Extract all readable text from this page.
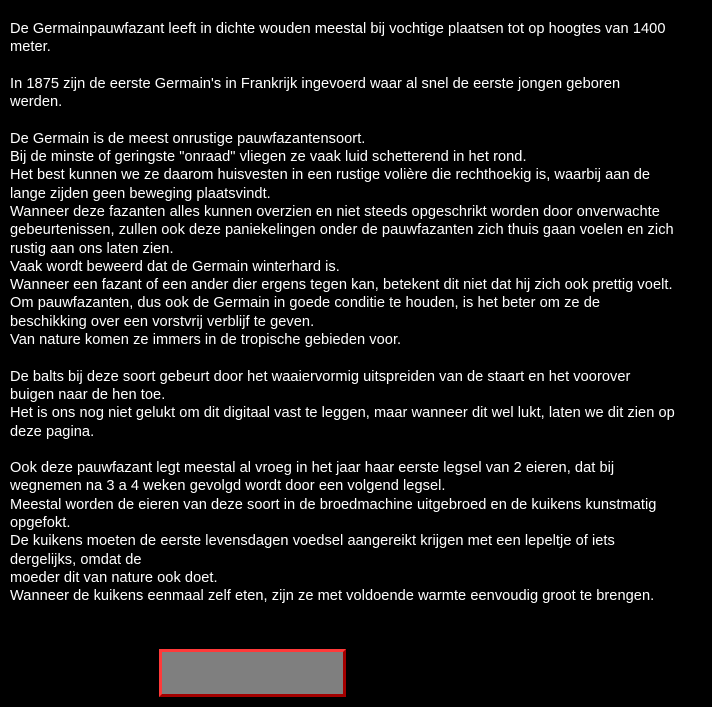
De Germainpauwfazant leeft in dichte wouden meestal bij vochtige plaatsen tot op hoogtes van 1400 meter.

In 1875 zijn de eerste Germain's in Frankrijk ingevoerd waar al snel de eerste jongen geboren werden.

De Germain is de meest onrustige pauwfazantensoort.
Bij de minste of geringste "onraad" vliegen ze vaak luid schetterend in het rond.
Het best kunnen we ze daarom huisvesten in een rustige volière die rechthoekig is, waarbij aan de lange zijden geen beweging plaatsvindt.
Wanneer deze fazanten alles kunnen overzien en niet steeds opgeschrikt worden door onverwachte gebeurtenissen, zullen ook deze paniekelingen onder de pauwfazanten zich thuis gaan voelen en zich rustig aan ons laten zien.
Vaak wordt beweerd dat de Germain winterhard is.
Wanneer een fazant of een ander dier ergens tegen kan, betekent dit niet dat hij zich ook prettig voelt.
Om pauwfazanten, dus ook de Germain in goede conditie te houden, is het beter om ze de beschikking over een vorstvrij verblijf te geven.
Van nature komen ze immers in de tropische gebieden voor.

De balts bij deze soort gebeurt door het waaiervormig uitspreiden van de staart en het voorover buigen naar de hen toe.
Het is ons nog niet gelukt om dit digitaal vast te leggen, maar wanneer dit wel lukt, laten we dit zien op deze pagina.

Ook deze pauwfazant legt meestal al vroeg in het jaar haar eerste legsel van 2 eieren, dat bij wegnemen na 3 a 4 weken gevolgd wordt door een volgend legsel.
Meestal worden de eieren van deze soort in de broedmachine uitgebroed en de kuikens kunstmatig opgefokt.
De kuikens moeten de eerste levensdagen voedsel aangereikt krijgen met een lepeltje of iets dergelijks, omdat de
moeder dit van nature ook doet.
Wanneer de kuikens eenmaal zelf eten, zijn ze met voldoende warmte eenvoudig groot te brengen.
